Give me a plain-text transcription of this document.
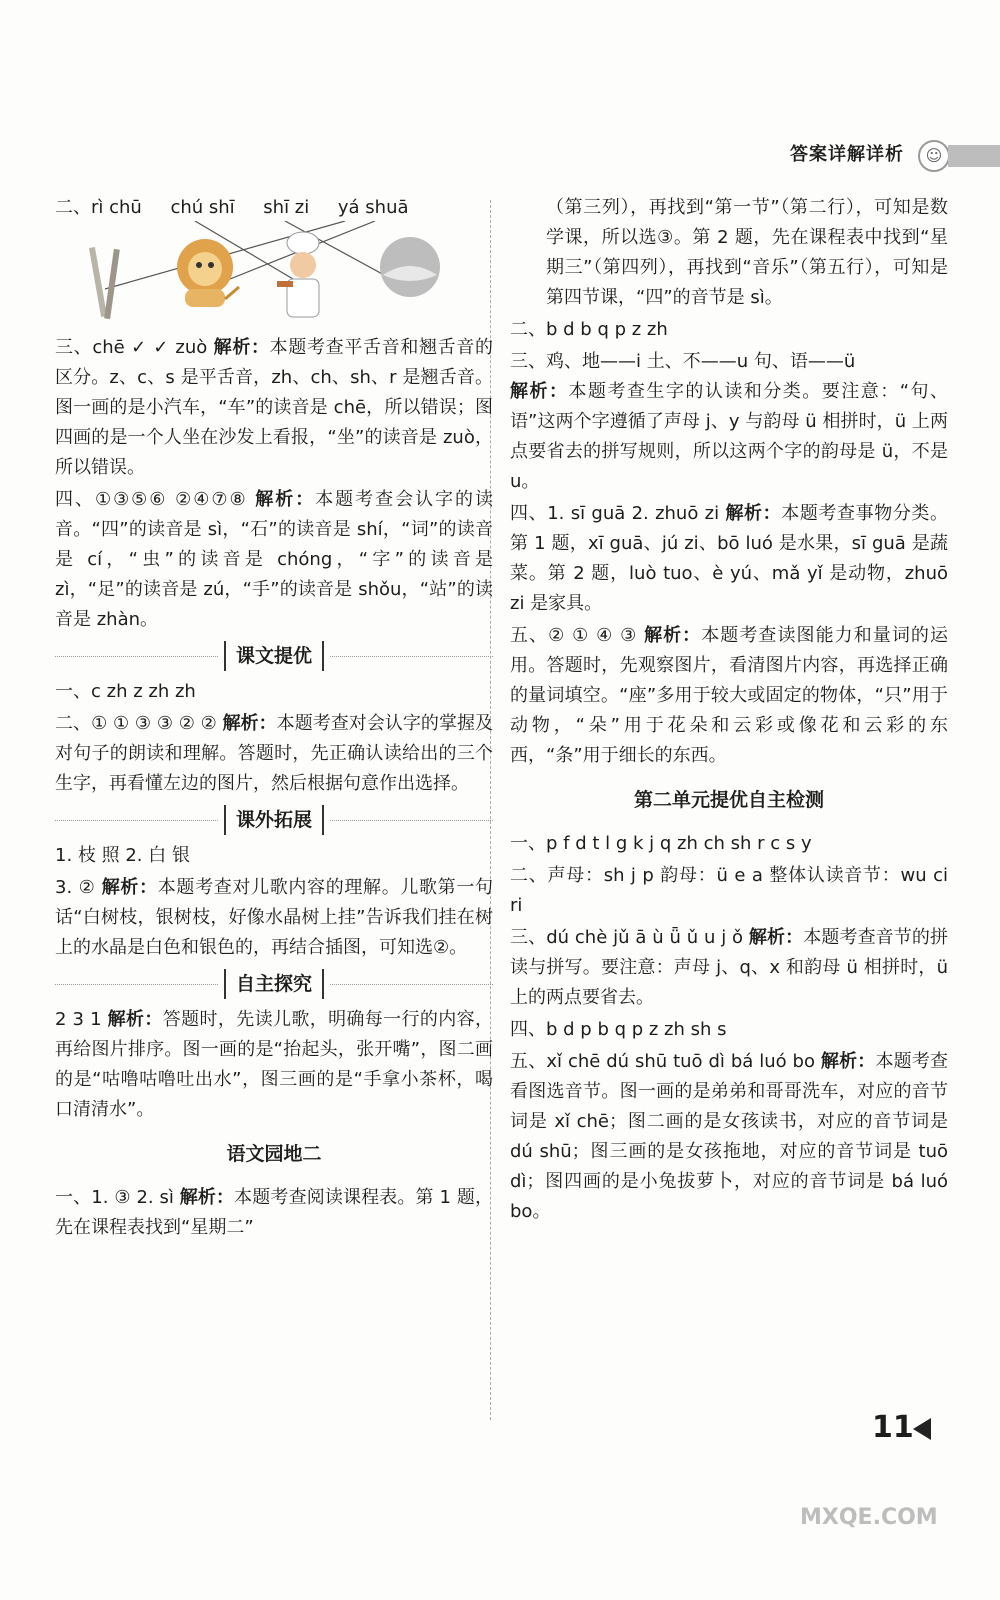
答案详解详析	☺
二、rì chū chú shī shī zi yá shuā

三、chē ✓ ✓ zuò 解析：本题考查平舌音和翘舌音的区分。z、c、s 是平舌音，zh、ch、sh、r 是翘舌音。图一画的是小汽车，“车”的读音是 chē，所以错误；图四画的是一个人坐在沙发上看报，“坐”的读音是 zuò，所以错误。

四、①③⑤⑥ ②④⑦⑧ 解析：本题考查会认字的读音。“四”的读音是 sì，“石”的读音是 shí，“词”的读音是 cí，“虫”的读音是 chóng，“字”的读音是 zì，“足”的读音是 zú，“手”的读音是 shǒu，“站”的读音是 zhàn。

课文提优

一、c zh z zh zh

二、① ① ③ ③ ② ② 解析：本题考查对会认字的掌握及对句子的朗读和理解。答题时，先正确认读给出的三个生字，再看懂左边的图片，然后根据句意作出选择。

课外拓展

1. 枝 照 2. 白 银

3. ② 解析：本题考查对儿歌内容的理解。儿歌第一句话“白树枝，银树枝，好像水晶树上挂”告诉我们挂在树上的水晶是白色和银色的，再结合插图，可知选②。

自主探究

2 3 1 解析：答题时，先读儿歌，明确每一行的内容，再给图片排序。图一画的是“抬起头，张开嘴”，图二画的是“咕噜咕噜吐出水”，图三画的是“手拿小茶杯，喝口清清水”。

语文园地二

一、1. ③ 2. sì 解析：本题考查阅读课程表。第 1 题，先在课程表找到“星期二”

（第三列），再找到“第一节”（第二行），可知是数学课，所以选③。第 2 题，先在课程表中找到“星期三”（第四列），再找到“音乐”（第五行），可知是第四节课，“四”的音节是 sì。

二、b d b q p z zh

三、鸡、地——i 土、不——u 句、语——ü
解析：本题考查生字的认读和分类。要注意：“句、语”这两个字遵循了声母 j、y 与韵母 ü 相拼时，ü 上两点要省去的拼写规则，所以这两个字的韵母是 ü，不是 u。

四、1. sī guā 2. zhuō zi 解析：本题考查事物分类。第 1 题，xī guā、jú zi、bō luó 是水果，sī guā 是蔬菜。第 2 题，luò tuo、è yú、mǎ yǐ 是动物，zhuō zi 是家具。

五、② ① ④ ③ 解析：本题考查读图能力和量词的运用。答题时，先观察图片，看清图片内容，再选择正确的量词填空。“座”多用于较大或固定的物体，“只”用于动物，“朵”用于花朵和云彩或像花和云彩的东西，“条”用于细长的东西。

第二单元提优自主检测

一、p f d t l g k j q zh ch sh r c s y

二、声母：sh j p 韵母：ü e a 整体认读音节：wu ci ri

三、dú chè jǔ ā ù ǖ ǔ u j ǒ 解析：本题考查音节的拼读与拼写。要注意：声母 j、q、x 和韵母 ü 相拼时，ü 上的两点要省去。

四、b d p b q p z zh sh s

五、xǐ chē dú shū tuō dì bá luó bo 解析：本题考查看图选音节。图一画的是弟弟和哥哥洗车，对应的音节词是 xǐ chē；图二画的是女孩读书，对应的音节词是 dú shū；图三画的是女孩拖地，对应的音节词是 tuō dì；图四画的是小兔拔萝卜，对应的音节词是 bá luó bo。

11
MXQE.COM
